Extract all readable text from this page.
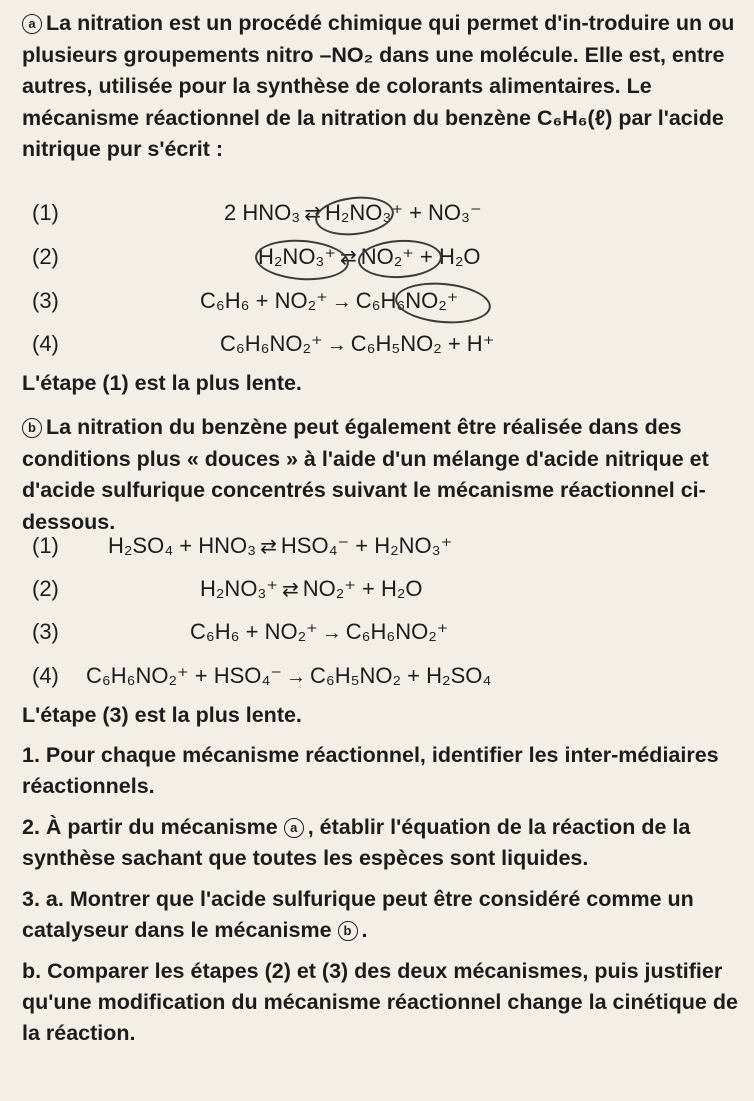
a La nitration est un procédé chimique qui permet d'in-troduire un ou plusieurs groupements nitro –NO₂ dans une molécule. Elle est, entre autres, utilisée pour la synthèse de colorants alimentaires. Le mécanisme réactionnel de la nitration du benzène C₆H₆(ℓ) par l'acide nitrique pur s'écrit :
(1)	2 HNO₃ ⇄ H₂NO₃⁺ + NO₃⁻
(2)	H₂NO₃⁺ ⇄ NO₂⁺ + H₂O
(3)	C₆H₆ + NO₂⁺ → C₆H₆NO₂⁺
(4)	C₆H₆NO₂⁺ → C₆H₅NO₂ + H⁺
L'étape (1) est la plus lente.
b La nitration du benzène peut également être réalisée dans des conditions plus « douces » à l'aide d'un mélange d'acide nitrique et d'acide sulfurique concentrés suivant le mécanisme réactionnel ci-dessous.
(1) H₂SO₄ + HNO₃ ⇄ HSO₄⁻ + H₂NO₃⁺
(2)	H₂NO₃⁺ ⇄ NO₂⁺ + H₂O
(3)	C₆H₆ + NO₂⁺ → C₆H₆NO₂⁺
(4) C₆H₆NO₂⁺ + HSO₄⁻ → C₆H₅NO₂ + H₂SO₄
L'étape (3) est la plus lente.
1. Pour chaque mécanisme réactionnel, identifier les inter-médiaires réactionnels.
2. À partir du mécanisme a , établir l'équation de la réaction de la synthèse sachant que toutes les espèces sont liquides.
3. a. Montrer que l'acide sulfurique peut être considéré comme un catalyseur dans le mécanisme b .
b. Comparer les étapes (2) et (3) des deux mécanismes, puis justifier qu'une modification du mécanisme réactionnel change la cinétique de la réaction.
